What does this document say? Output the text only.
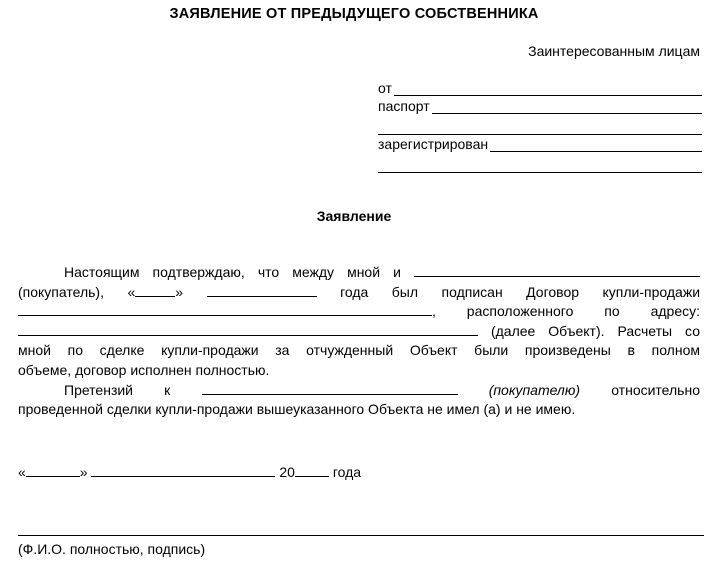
ЗАЯВЛЕНИЕ ОТ ПРЕДЫДУЩЕГО СОБСТВЕННИКА
Заинтересованным лицам
от
паспорт
зарегистрирован
Заявление

Настоящим подтверждаю, что между мной и

(покупатель), «	»	года был подписан Договор купли-продажи

, расположенного по адресу:

(далее Объект). Расчеты со

мной по сделке купли-продажи за отчужденный Объект были произведены в полном

объеме, договор исполнен полностью.

Претензий к	(покупателю) относительно

проведенной сделки купли-продажи вышеуказанного Объекта не имел (а) и не имею.

«	»	20	года
(Ф.И.О. полностью, подпись)
